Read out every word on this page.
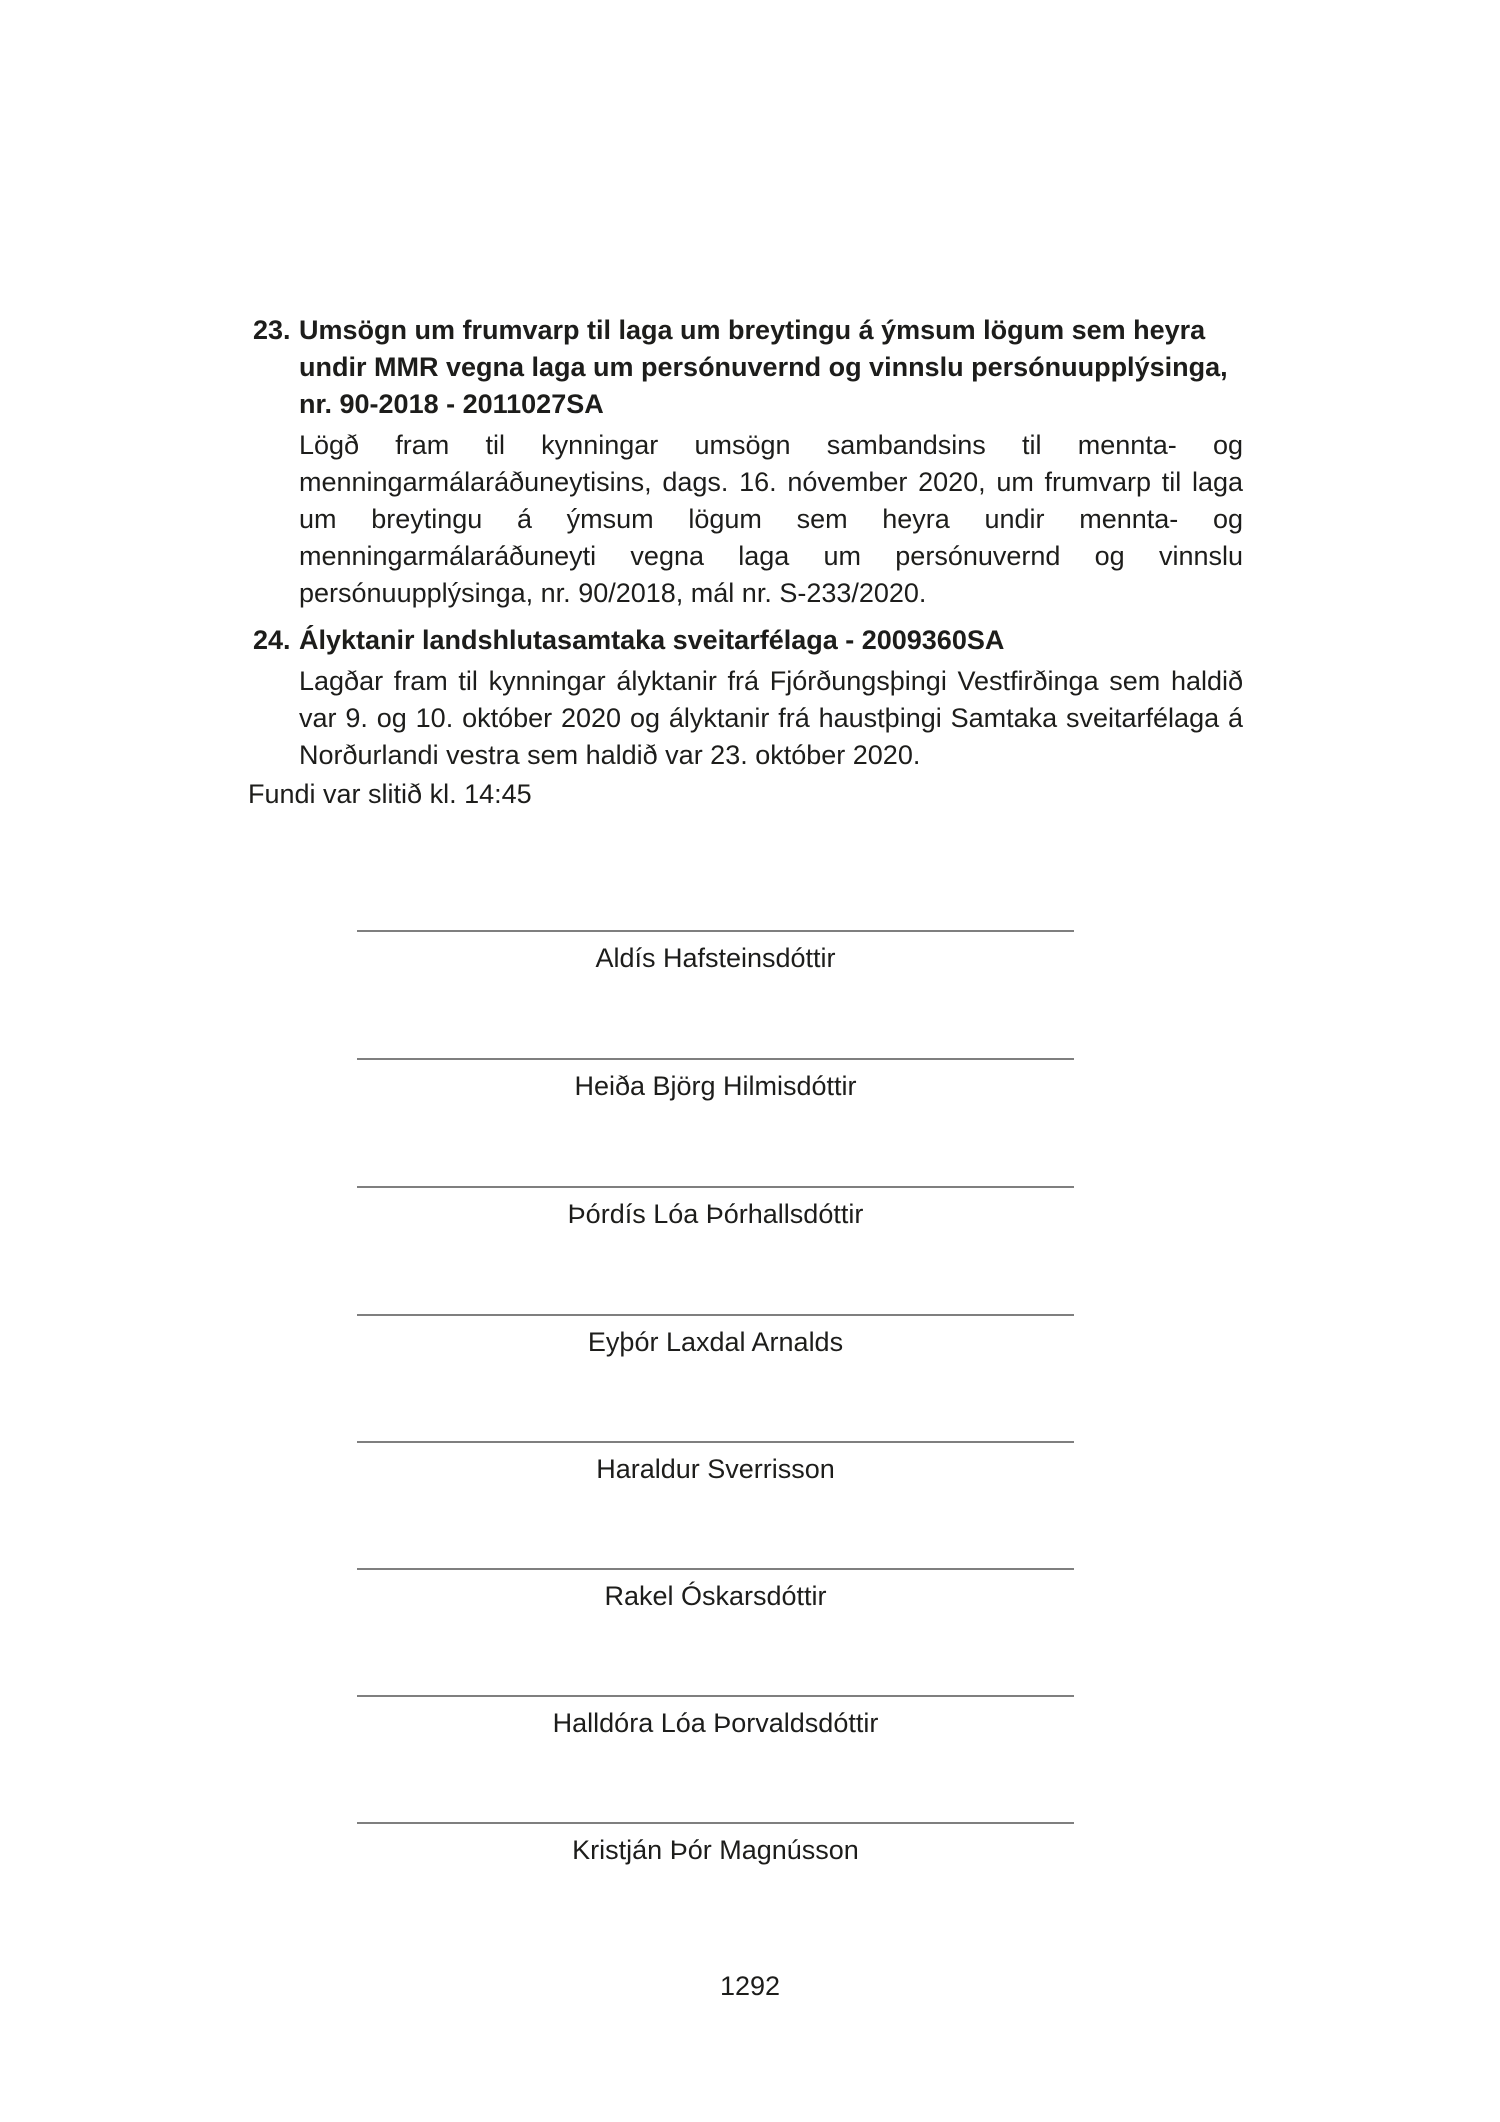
23. Umsögn um frumvarp til laga um breytingu á ýmsum lögum sem heyra undir MMR vegna laga um persónuvernd og vinnslu persónuupplýsinga, nr. 90-2018 - 2011027SA

Lögð fram til kynningar umsögn sambandsins til mennta- og menningarmálaráðuneytisins, dags. 16. nóvember 2020, um frumvarp til laga um breytingu á ýmsum lögum sem heyra undir mennta- og menningarmálaráðuneyti vegna laga um persónuvernd og vinnslu persónuupplýsinga, nr. 90/2018, mál nr. S-233/2020.

24. Ályktanir landshlutasamtaka sveitarfélaga - 2009360SA

Lagðar fram til kynningar ályktanir frá Fjórðungsþingi Vestfirðinga sem haldið var 9. og 10. október 2020 og ályktanir frá haustþingi Samtaka sveitarfélaga á Norðurlandi vestra sem haldið var 23. október 2020.

Fundi var slitið kl. 14:45
Aldís Hafsteinsdóttir
Heiða Björg Hilmisdóttir
Þórdís Lóa Þórhallsdóttir
Eyþór Laxdal Arnalds
Haraldur Sverrisson
Rakel Óskarsdóttir
Halldóra Lóa Þorvaldsdóttir
Kristján Þór Magnússon
1292
